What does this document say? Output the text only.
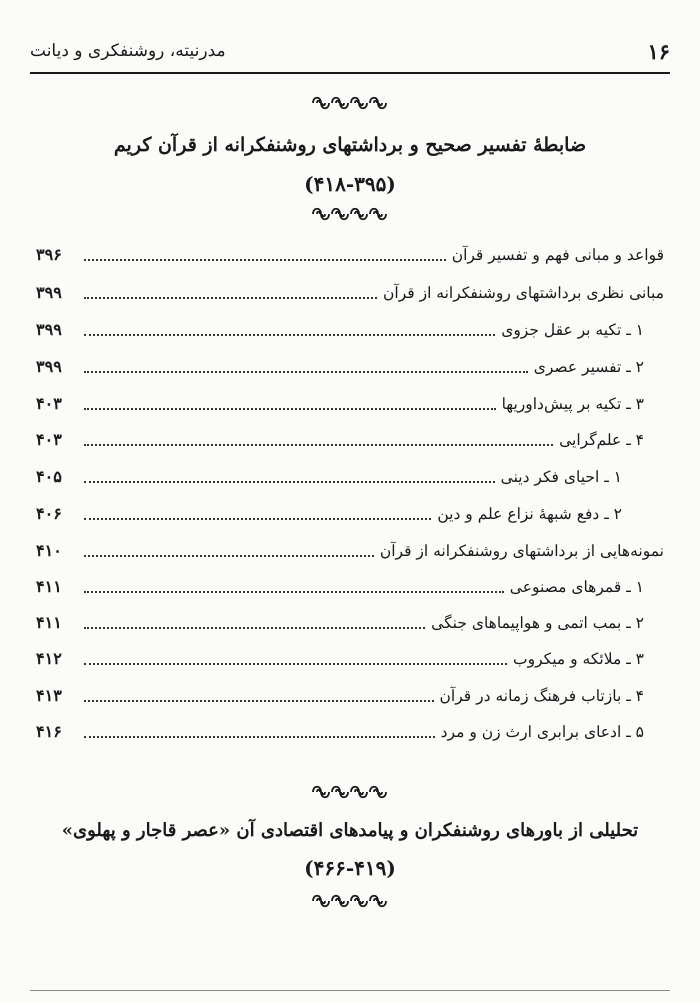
۱۶
مدرنیته، روشنفکری و دیانت
ضابطۀ تفسیر صحیح و برداشتهای روشنفکرانه از قرآن کریم
(۴۱۸-۳۹۵)
قواعد و مبانی فهم و تفسیر قرآن
۳۹۶
مبانی نظری برداشتهای روشنفکرانه از قرآن
۳۹۹
۱ ـ تکیه بر عقل جزوی
۳۹۹
۲ ـ تفسیر عصری
۳۹۹
۳ ـ تکیه بر پیش‌داوریها
۴۰۳
۴ ـ علم‌گرایی
۴۰۳
۱ ـ احیای فکر دینی
۴۰۵
۲ ـ دفع شبهۀ نزاع علم و دین
۴۰۶
نمونه‌هایی از برداشتهای روشنفکرانه از قرآن
۴۱۰
۱ ـ قمرهای مصنوعی
۴۱۱
۲ ـ بمب اتمی و هواپیماهای جنگی
۴۱۱
۳ ـ ملائکه و میکروب
۴۱۲
۴ ـ بازتاب فرهنگ زمانه در قرآن
۴۱۳
۵ ـ ادعای برابری ارث زن و مرد
۴۱۶
تحلیلی از باورهای روشنفکران و پیامدهای اقتصادی آن «عصر قاجار و پهلوی»
(۴۶۶-۴۱۹)
